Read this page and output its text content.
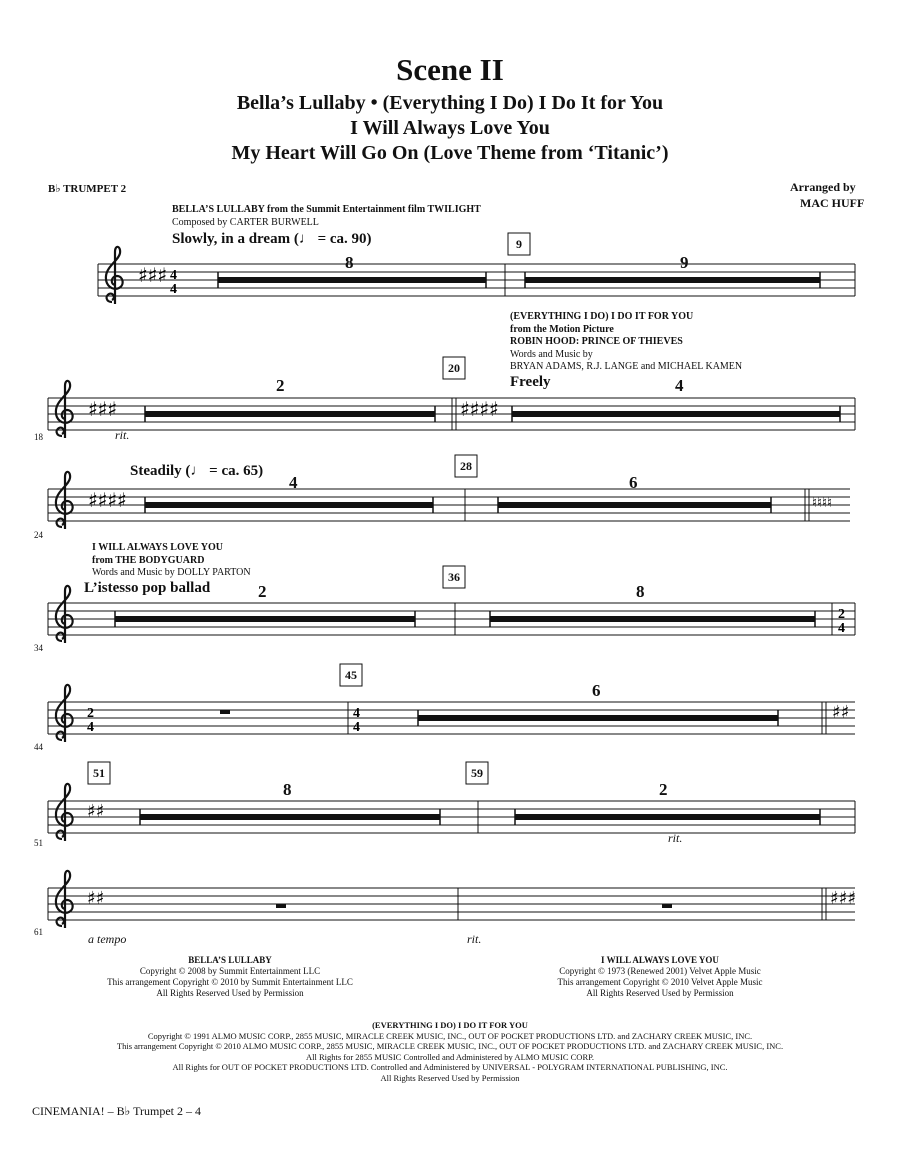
Scene II
Bella’s Lullaby • (Everything I Do) I Do It for You
I Will Always Love You
My Heart Will Go On (Love Theme from ‘Titanic’)
B♭ TRUMPET 2	Arranged by
MAC HUFF
BELLA’S LULLABY from the Summit Entertainment film TWILIGHT
Composed by CARTER BURWELL
Slowly, in a dream (♩ = ca. 90)
(EVERYTHING I DO) I DO IT FOR YOU
from the Motion Picture
ROBIN HOOD: PRINCE OF THIEVES
Words and Music by
BRYAN ADAMS, R.J. LANGE and MICHAEL KAMEN
Freely
Steadily (♩ = ca. 65)
I WILL ALWAYS LOVE YOU
from THE BODYGUARD
Words and Music by DOLLY PARTON
L’istesso pop ballad
♯♯♯ 4
4
♯♯♯	♯♯♯♯
♯♯♯♯	♮♮♮♮
2
4
2
4
4
4
♯♯
♯♯
♯♯	♯♯♯
8	9
9
2	4
20
18	rit.
4	6
28
24
2	8
36
34
6
45
44
8	2
51	59
51	rit.
61	a tempo	rit.
BELLA’S LULLABY
Copyright © 2008 by Summit Entertainment LLC
This arrangement Copyright © 2010 by Summit Entertainment LLC
All Rights Reserved Used by Permission
I WILL ALWAYS LOVE YOU
Copyright © 1973 (Renewed 2001) Velvet Apple Music
This arrangement Copyright © 2010 Velvet Apple Music
All Rights Reserved Used by Permission
(EVERYTHING I DO) I DO IT FOR YOU
Copyright © 1991 ALMO MUSIC CORP., 2855 MUSIC, MIRACLE CREEK MUSIC, INC., OUT OF POCKET PRODUCTIONS LTD. and ZACHARY CREEK MUSIC, INC.
This arrangement Copyright © 2010 ALMO MUSIC CORP., 2855 MUSIC, MIRACLE CREEK MUSIC, INC., OUT OF POCKET PRODUCTIONS LTD. and ZACHARY CREEK MUSIC, INC.
All Rights for 2855 MUSIC Controlled and Administered by ALMO MUSIC CORP.
All Rights for OUT OF POCKET PRODUCTIONS LTD. Controlled and Administered by UNIVERSAL - POLYGRAM INTERNATIONAL PUBLISHING, INC.
All Rights Reserved Used by Permission
CINEMANIA! – B♭ Trumpet 2 – 4
